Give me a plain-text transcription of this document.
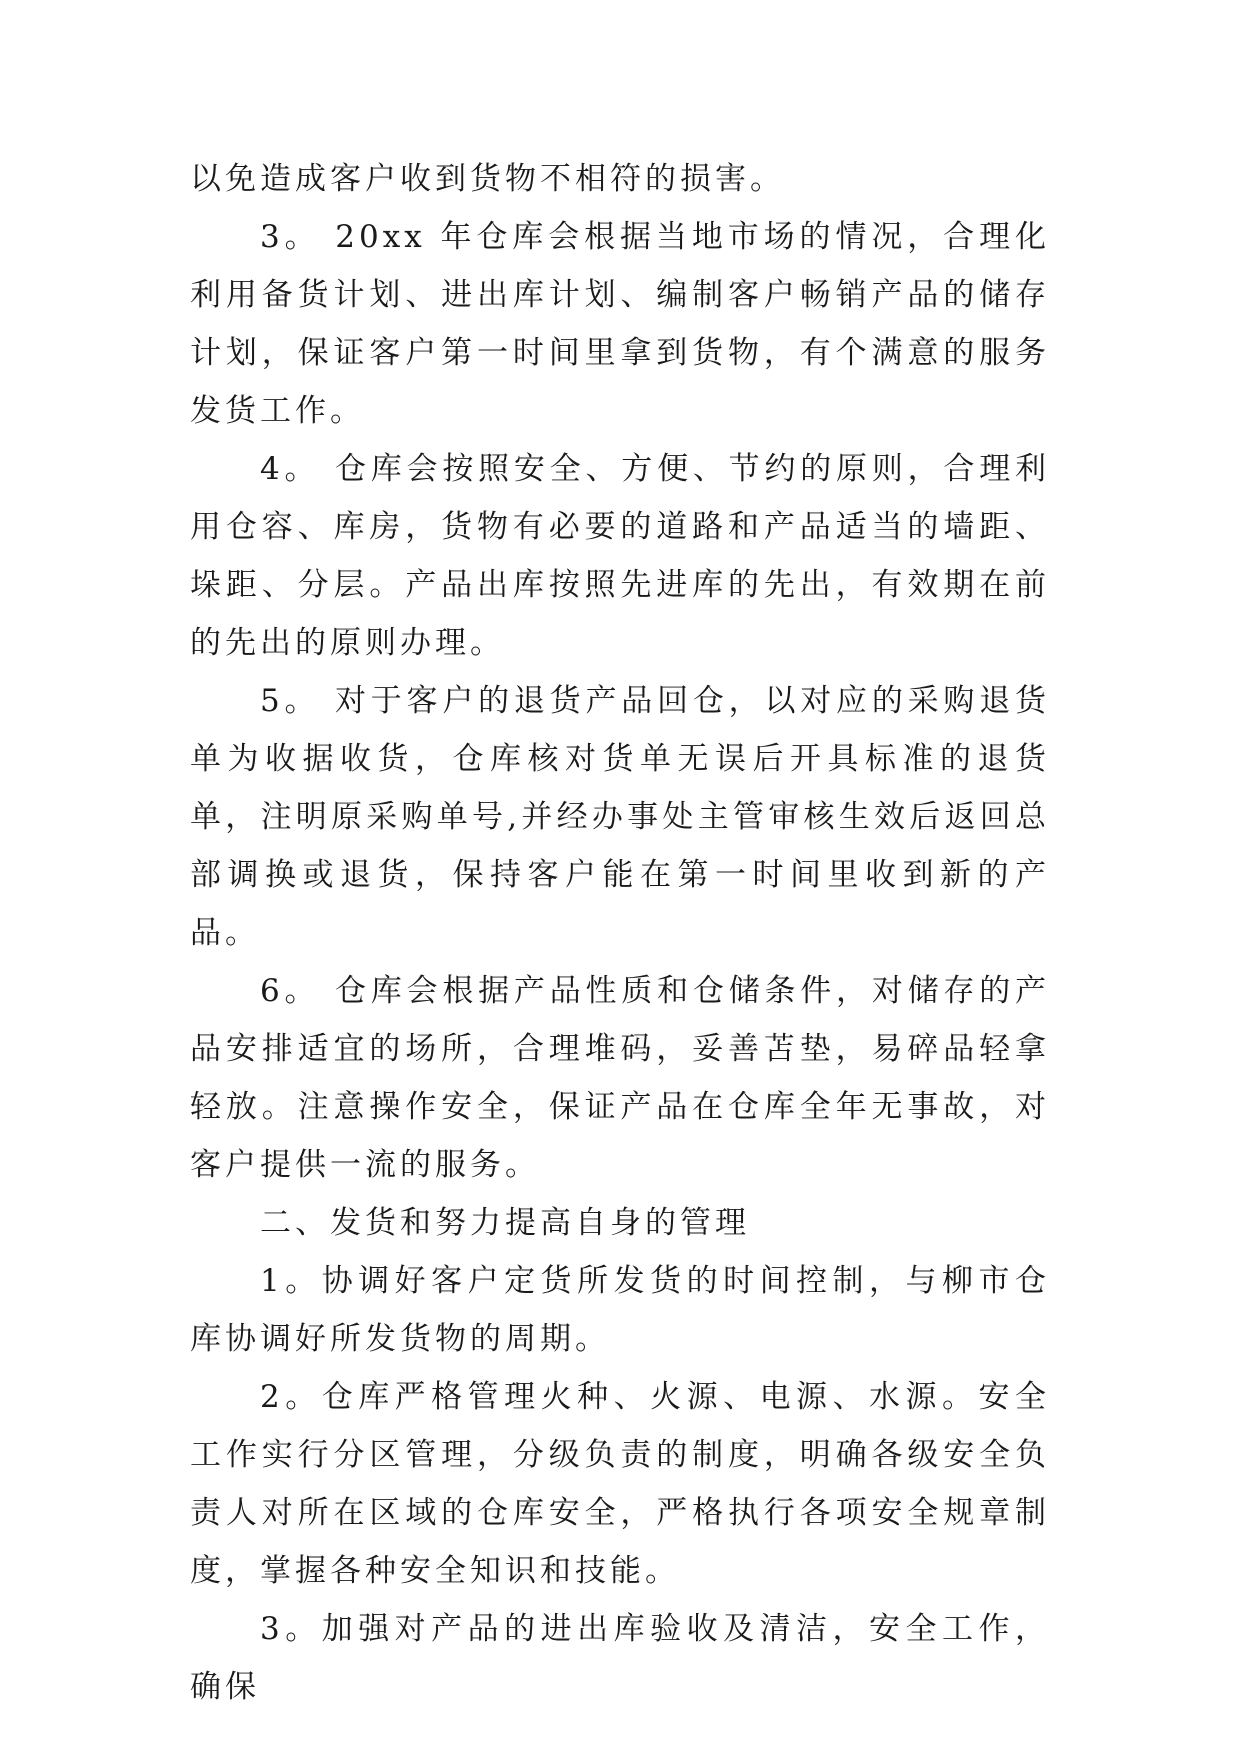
以免造成客户收到货物不相符的损害。

3。 20xx 年仓库会根据当地市场的情况，合理化利用备货计划、进出库计划、编制客户畅销产品的储存计划，保证客户第一时间里拿到货物，有个满意的服务发货工作。

4。 仓库会按照安全、方便、节约的原则，合理利用仓容、库房，货物有必要的道路和产品适当的墙距、垛距、分层。产品出库按照先进库的先出，有效期在前的先出的原则办理。

5。 对于客户的退货产品回仓，以对应的采购退货单为收据收货，仓库核对货单无误后开具标准的退货单，注明原采购单号,并经办事处主管审核生效后返回总部调换或退货，保持客户能在第一时间里收到新的产品。

6。 仓库会根据产品性质和仓储条件，对储存的产品安排适宜的场所，合理堆码，妥善苫垫，易碎品轻拿轻放。注意操作安全，保证产品在仓库全年无事故，对客户提供一流的服务。

二、发货和努力提高自身的管理

1。协调好客户定货所发货的时间控制，与柳市仓库协调好所发货物的周期。

2。仓库严格管理火种、火源、电源、水源。安全工作实行分区管理，分级负责的制度，明确各级安全负责人对所在区域的仓库安全，严格执行各项安全规章制度，掌握各种安全知识和技能。

3。加强对产品的进出库验收及清洁，安全工作，确保
